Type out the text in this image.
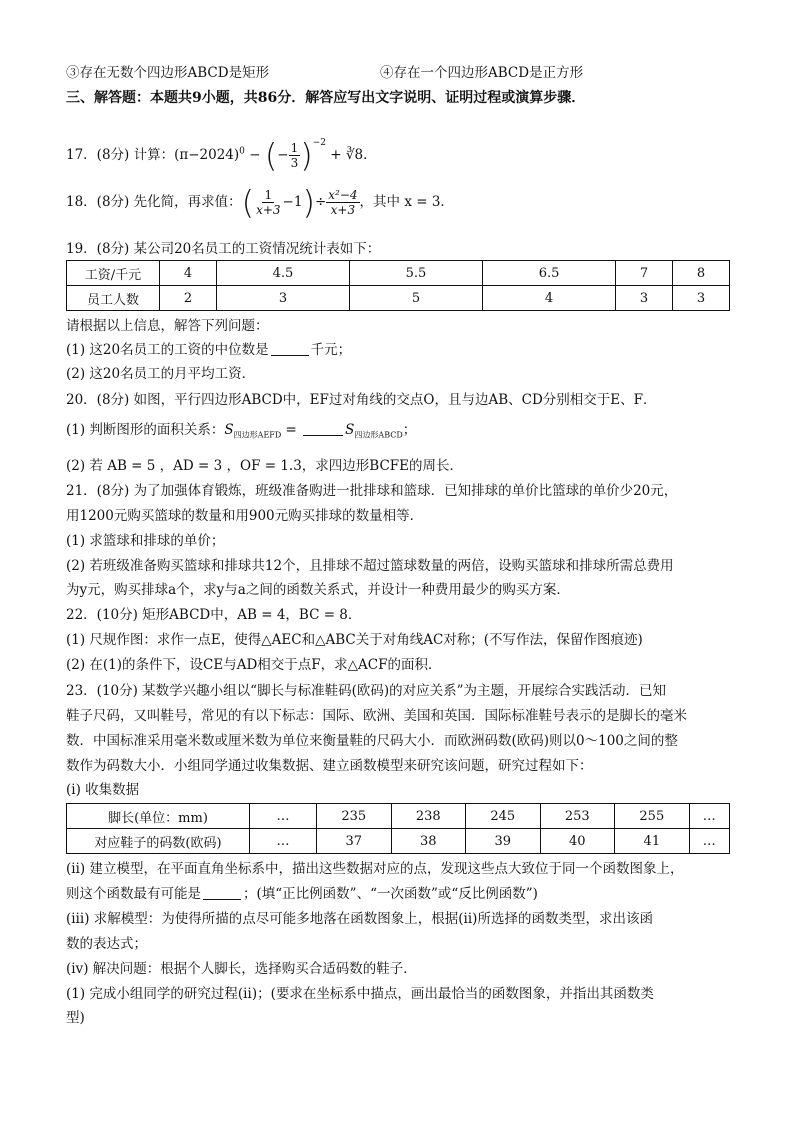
③存在无数个四边形ABCD是矩形	④存在一个四边形ABCD是正方形
三、解答题：本题共9小题，共86分．解答应写出文字说明、证明过程或演算步骤．
17．(8分) 计算：$(\pi-2024)^0$ − (− $\frac{1}{3} )^{-2}$ + ∛8．
18．(8分) 先化简，再求值：( $\frac{1}{x+3} -1)\div \frac{\text{x²−4}}{x+3}$ ，其中 x = 3．
19．(8分) 某公司20名员工的工资情况统计表如下：
工资/千元	4	4.5	5.5	6.5	7	8
员工人数	2	3	5	4	3	3
请根据以上信息，解答下列问题：
(1) 这20名员工的工资的中位数是	千元；
(2) 这20名员工的月平均工资．
20．(8分) 如图，平行四边形ABCD中，EF过对角线的交点O，且与边AB、CD分别相交于E、F．
(1) 判断图形的面积关系：$S_{四边形AEFD}$ =	$S_{四边形ABCD}$；
(2) 若 AB = 5 ，AD = 3 ，OF = 1.3，求四边形BCFE的周长．
21．(8分) 为了加强体育锻炼，班级准备购进一批排球和篮球．已知排球的单价比篮球的单价少20元，
用1200元购买篮球的数量和用900元购买排球的数量相等．
(1) 求篮球和排球的单价；
(2) 若班级准备购买篮球和排球共12个，且排球不超过篮球数量的两倍，设购买篮球和排球所需总费用
为y元，购买排球a个，求y与a之间的函数关系式，并设计一种费用最少的购买方案．
22．(10分) 矩形ABCD中，AB = 4，BC = 8．
(1) 尺规作图：求作一点E，使得△AEC和△ABC关于对角线AC对称；(不写作法，保留作图痕迹)
(2) 在(1)的条件下，设CE与AD相交于点F，求△ACF的面积．
23．(10分) 某数学兴趣小组以“脚长与标准鞋码(欧码)的对应关系”为主题，开展综合实践活动．已知
鞋子尺码，又叫鞋号，常见的有以下标志：国际、欧洲、美国和英国．国际标准鞋号表示的是脚长的毫米
数．中国标准采用毫米数或厘米数为单位来衡量鞋的尺码大小．而欧洲码数(欧码)则以0～100之间的整
数作为码数大小．小组同学通过收集数据、建立函数模型来研究该问题，研究过程如下：
(ⅰ) 收集数据
脚长(单位：mm)	…	235	238	245	253	255	…
对应鞋子的码数(欧码)	…	37	38	39	40	41	…
(ⅱ) 建立模型，在平面直角坐标系中，描出这些数据对应的点，发现这些点大致位于同一个函数图象上，
则这个函数最有可能是	；(填“正比例函数”、“一次函数”或“反比例函数”)
(ⅲ) 求解模型：为使得所描的点尽可能多地落在函数图象上，根据(ⅱ)所选择的函数类型，求出该函
数的表达式；
(ⅳ) 解决问题：根据个人脚长，选择购买合适码数的鞋子．
(1) 完成小组同学的研究过程(ⅱ)；(要求在坐标系中描点，画出最恰当的函数图象，并指出其函数类
型)
